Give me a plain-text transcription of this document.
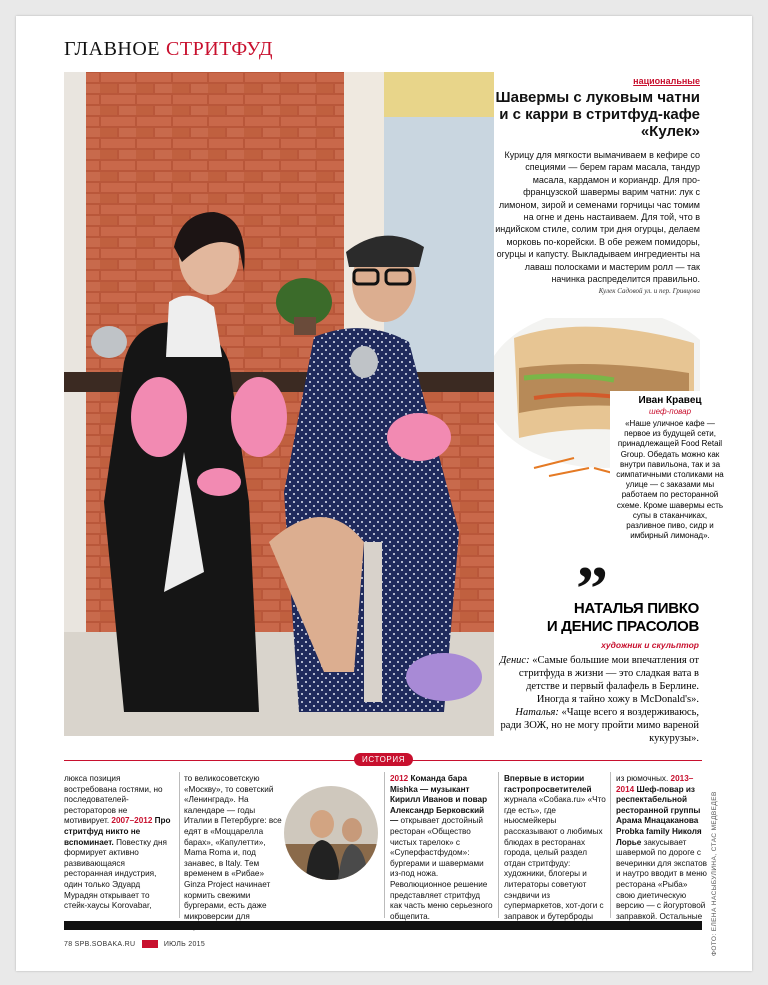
ГЛАВНОЕ СТРИТФУД
национальные
Шавермы с луковым чатни и с карри в стритфуд-кафе «Кулек»
Курицу для мягкости вымачиваем в кефире со специями — берем гарам масала, тандур масала, кардамон и кориандр. Для про-французской шавермы варим чатни: лук с лимоном, зирой и семенами горчицы час томим на огне и день настаиваем. Для той, что в индийском стиле, солим три дня огурцы, делаем морковь по-корейски. В обе режем помидоры, огурцы и капусту. Выкладываем ингредиенты на лаваш полосками и мастерим ролл — так начинка распределится правильно.
Кулек Садовой ул. и пер. Гривцова
Иван Кравец
шеф-повар
«Наше уличное кафе — первое из будущей сети, принадлежащей Food Retail Group. Обедать можно как внутри павильона, так и за симпатичными столиками на улице — с заказами мы работаем по ресторанной схеме. Кроме шавермы есть супы в стаканчиках, разливное пиво, сидр и имбирный лимонад».
”
НАТАЛЬЯ ПИВКО
И ДЕНИС ПРАСОЛОВ
художник и скульптор
Денис: «Самые большие мои впечатления от стритфуда в жизни — это сладкая вата в детстве и первый фалафель в Берлине. Иногда я тайно хожу в McDonald's». Наталья: «Чаще всего я воздерживаюсь, ради ЗОЖ, но не могу пройти мимо вареной кукурузы».
ИСТОРИЯ

люкса позиция востребована гостями, но последователей-рестораторов не мотивирует. 2007–2012 Про стритфуд никто не вспоминает. Повестку дня формирует активно развивающаяся ресторанная индустрия, один только Эдуард Мурадян открывает то стейк-хаусы Korovabar,

то великосоветскую «Москву», то советский «Ленинград». На календаре — годы Италии в Петербурге: все едят в «Моццарелла барах», «Капулетти», Mama Roma и, под занавес, в Italy. Тем временем в «Рибае» Ginza Project начинает кормить свежими бургерами, есть даже микроверсии для

2012 Команда бара Mishka — музыкант Кирилл Иванов и повар Александр Берковский — открывает достойный ресторан «Общество чистых тарелок» с «Суперфастфудом»: бургерами и шавермами из-под ножа. Революционное решение представляет стритфуд как часть меню серьезного общепита.

Впервые в истории гастропросветителей журнала «Собака.ru» «Что где есть», где ньюсмейкеры рассказывают о любимых блюдах в ресторанах города, целый раздел отдан стритфуду: художники, блогеры и литераторы советуют сэндвичи из супермаркетов, хот-доги с заправок и бутерброды

из рюмочных. 2013–2014 Шеф-повар из респектабельной ресторанной группы Арама Мнацаканова Probka family Николя Лорье закусывает шавермой по дороге с вечеринки для экспатов и наутро вводит в меню ресторана «Рыба» свою диетическую версию — с йогуртовой заправкой. Остальные	ФОТО: ЕЛЕНА НАСЫБУЛИНА, СТАС МЕДВЕДЕВ
78 SPB.SOBAKA.RU	ИЮЛЬ 2015
